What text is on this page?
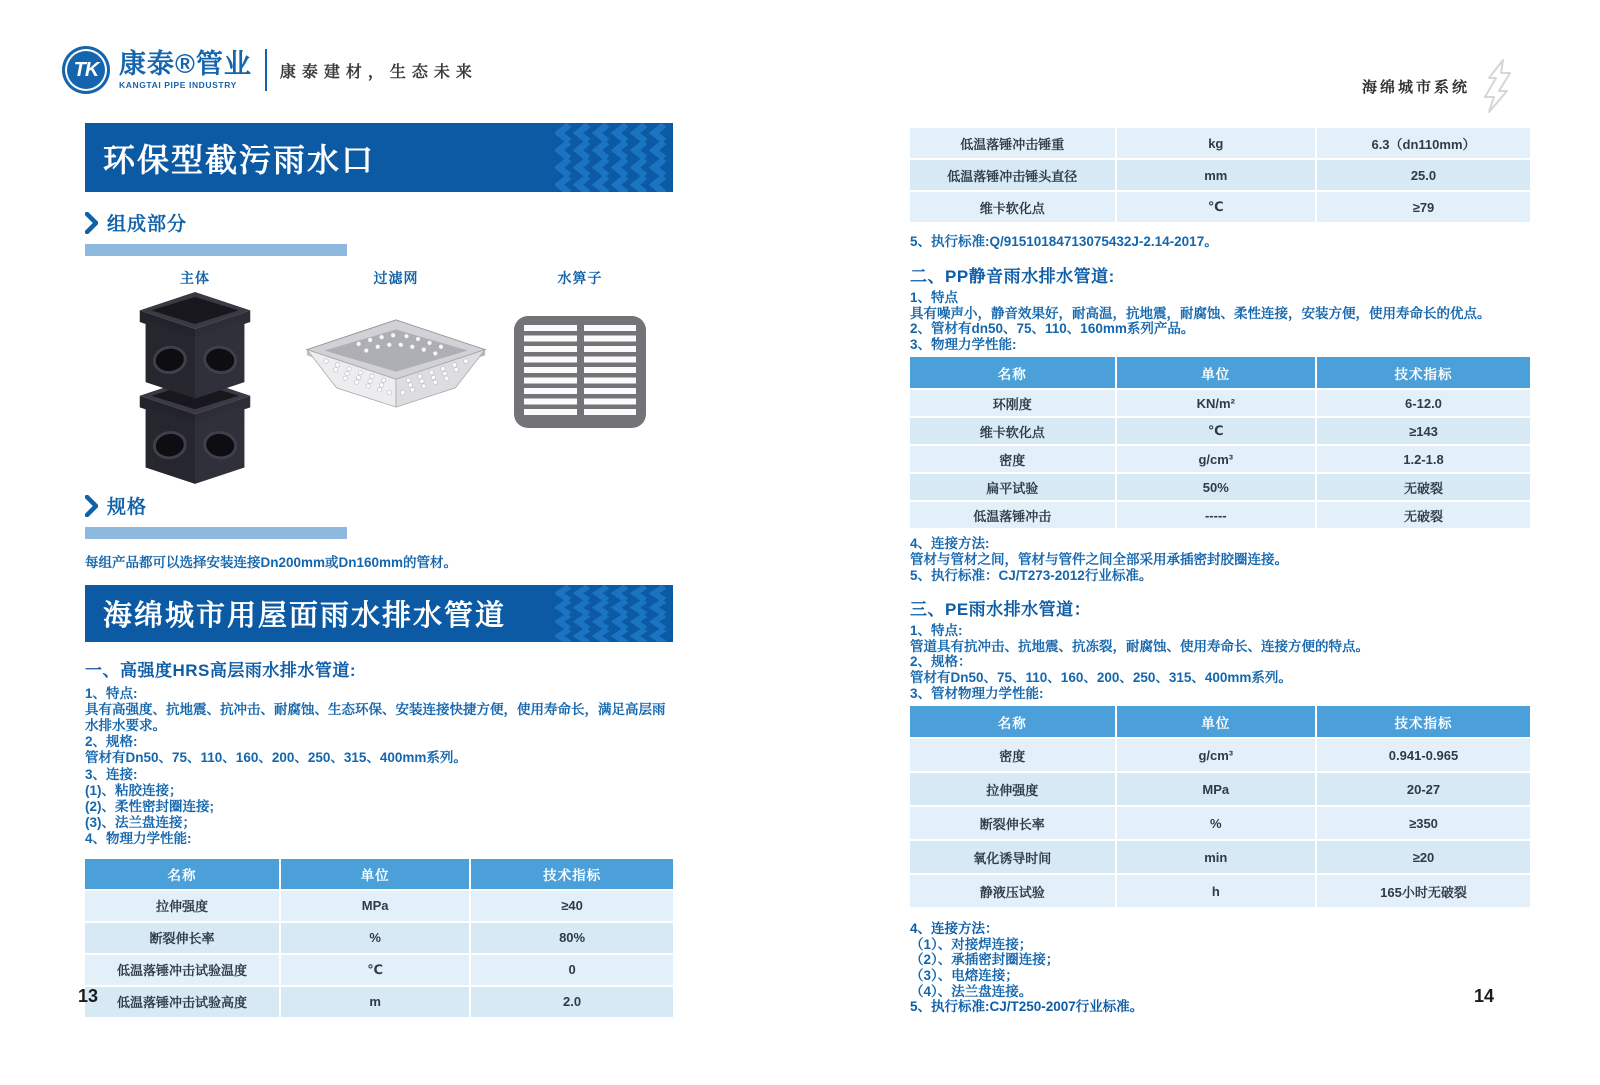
TK 康泰®管业
KANGTAI PIPE INDUSTRY
康泰建材，生态未来
海绵城市系统
环保型截污雨水口
组成部分
主体	过滤网	水箅子
规格

每组产品都可以选择安装连接Dn200mm或Dn160mm的管材。

海绵城市用屋面雨水排水管道
一、高强度HRS高层雨水排水管道:
1、特点:
具有高强度、抗地震、抗冲击、耐腐蚀、生态环保、安装连接快捷方便，使用寿命长，满足高层雨水排水要求。
2、规格:
管材有Dn50、75、110、160、200、250、315、400mm系列。
3、连接:
(1)、粘胶连接；
(2)、柔性密封圈连接;
(3)、法兰盘连接；
4、物理力学性能:
名称	单位	技术指标
拉伸强度	MPa	≥40
断裂伸长率	%	80%
低温落锤冲击试验温度	℃	0
低温落锤冲击试验高度	m	2.0
低温落锤冲击锤重	kg	6.3（dn110mm）
低温落锤冲击锤头直径	mm	25.0
维卡软化点	℃	≥79
5、执行标准:Q/91510184713075432J-2.14-2017。
二、PP静音雨水排水管道:
1、特点
具有噪声小，静音效果好，耐高温，抗地震，耐腐蚀、柔性连接，安装方便，使用寿命长的优点。
2、管材有dn50、75、110、160mm系列产品。
3、物理力学性能:
名称	单位	技术指标
环刚度	KN/m²	6-12.0
维卡软化点	℃	≥143
密度	g/cm³	1.2-1.8
扁平试验	50%	无破裂
低温落锤冲击	-----	无破裂
4、连接方法:
管材与管材之间，管材与管件之间全部采用承插密封胶圈连接。
5、执行标准：CJ/T273-2012行业标准。
三、PE雨水排水管道：
1、特点:
管道具有抗冲击、抗地震、抗冻裂，耐腐蚀、使用寿命长、连接方便的特点。
2、规格：
管材有Dn50、75、110、160、200、250、315、400mm系列。
3、管材物理力学性能:
名称	单位	技术指标
密度	g/cm³	0.941-0.965
拉伸强度	MPa	20-27
断裂伸长率	%	≥350
氧化诱导时间	min	≥20
静液压试验	h	165小时无破裂
4、连接方法：
（1）、对接焊连接；
（2）、承插密封圈连接；
（3）、电熔连接；
（4）、法兰盘连接。
5、执行标准:CJ/T250-2007行业标准。
13	14
